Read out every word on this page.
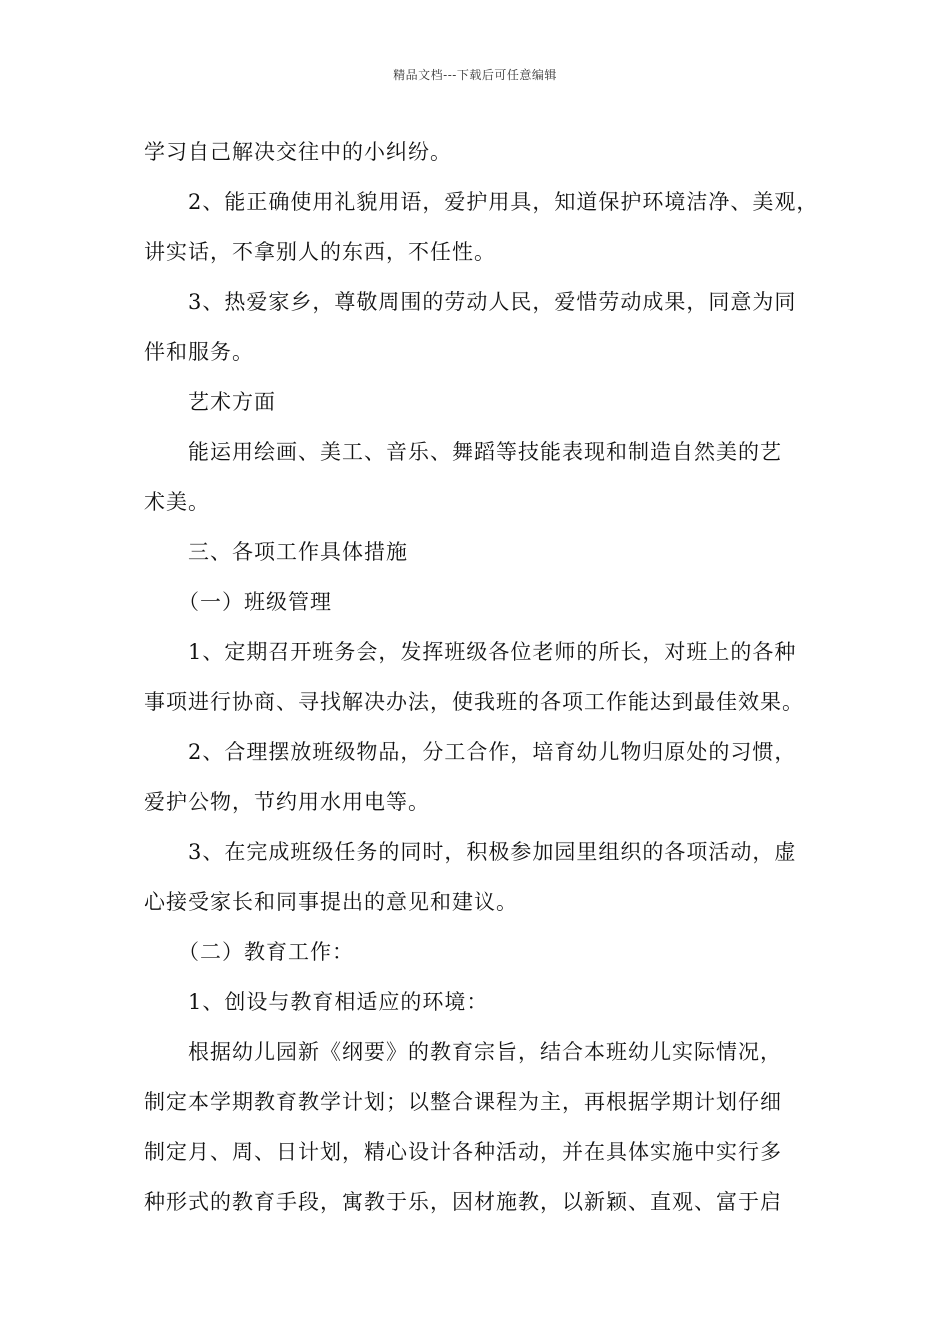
精品文档---下载后可任意编辑
学习自己解决交往中的小纠纷。
2、能正确使用礼貌用语，爱护用具，知道保护环境洁净、美观，
讲实话，不拿别人的东西，不任性。
3、热爱家乡，尊敬周围的劳动人民，爱惜劳动成果，同意为同
伴和服务。
艺术方面
能运用绘画、美工、音乐、舞蹈等技能表现和制造自然美的艺
术美。
三、各项工作具体措施
（一）班级管理
1、定期召开班务会，发挥班级各位老师的所长，对班上的各种
事项进行协商、寻找解决办法，使我班的各项工作能达到最佳效果。
2、合理摆放班级物品，分工合作，培育幼儿物归原处的习惯，
爱护公物，节约用水用电等。
3、在完成班级任务的同时，积极参加园里组织的各项活动，虚
心接受家长和同事提出的意见和建议。
（二）教育工作：
1、创设与教育相适应的环境：
根据幼儿园新《纲要》的教育宗旨，结合本班幼儿实际情况，
制定本学期教育教学计划；以整合课程为主，再根据学期计划仔细
制定月、周、日计划，精心设计各种活动，并在具体实施中实行多
种形式的教育手段，寓教于乐，因材施教，以新颖、直观、富于启
